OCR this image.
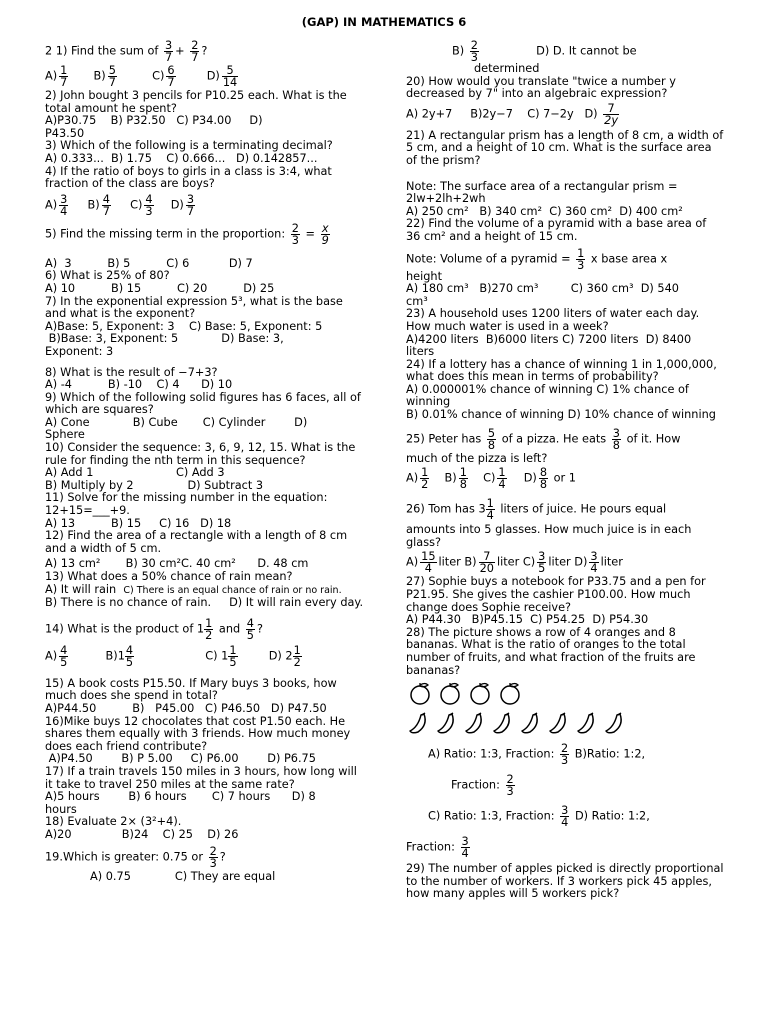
(GAP) IN MATHEMATICS 6
2 1) Find the sum of $\frac{3}{7} + \frac{2}{7}$ ?
$A) \frac{1}{7} B) \frac{5}{7}$	$C) \frac{6}{7}$	$D) \frac{5}{14}$
2) John bought 3 pencils for P10.25 each. What is the total amount he spent?
A)P30.75 B) P32.50 C) P34.00 D)
P43.50
3) Which of the following is a terminating decimal?
A) 0.333...  B) 1.75    C) 0.666...   D) 0.142857...
4) If the ratio of boys to girls in a class is 3:4, what fraction of the class are boys?
$A) \frac{3}{4} B) \frac{4}{7} C) \frac{4}{3} D) \frac{3}{7}$
5) Find the missing term in the proportion: $\frac{2}{3} = \frac{x}{9}$
A)  3          B) 5          C) 6           D) 7
6) What is 25% of 80?
A) 10          B) 15          C) 20          D) 25
7) In the exponential expression 5³, what is the base and what is the exponent?
A)Base: 5, Exponent: 3    C) Base: 5, Exponent: 5
B)Base: 3, Exponent: 5            D) Base: 3,
Exponent: 3
8) What is the result of −7+3?
A) -4          B) -10    C) 4      D) 10
9) Which of the following solid figures has 6 faces, all of which are squares?
A) Cone            B) Cube       C) Cylinder        D)
Sphere
10) Consider the sequence: 3, 6, 9, 12, 15. What is the rule for finding the nth term in this sequence?
A) Add 1                       C) Add 3
B) Multiply by 2               D) Subtract 3
11) Solve for the missing number in the equation: 12+15=___+9.
A) 13          B) 15     C) 16   D) 18
12) Find the area of a rectangle with a length of 8 cm and a width of 5 cm.
A) 13 cm²       B) 30 cm²C. 40 cm²      D. 48 cm
13) What does a 50% chance of rain mean?
A) It will rain C) There is an equal chance of rain or no rain.
B) There is no chance of rain.     D) It will rain every day.
14) What is the product of $1 \frac{1}{2}$ and $\frac{4}{5}$ ?
$A) \frac{4}{5}$	$B)1 \frac{4}{5}$	C) $1 \frac{1}{5}$	D) $2 \frac{1}{2}$
15) A book costs P15.50. If Mary buys 3 books, how much does she spend in total?
A)P44.50          B)   P45.00   C) P46.50   D) P47.50
16)Mike buys 12 chocolates that cost P1.50 each. He shares them equally with 3 friends. How much money does each friend contribute?
A)P4.50        B) P 5.00     C) P6.00        D) P6.75
17) If a train travels 150 miles in 3 hours, how long will it take to travel 250 miles at the same rate?
A)5 hours        B) 6 hours       C) 7 hours      D) 8
hours
18) Evaluate 2× (3²+4).
A)20              B)24    C) 25    D) 26
19.Which is greater: 0.75 or $\frac{2}{3}$ ?
A) 0.75	C) They are equal
$B) \frac{2}{3}$	D) D. It cannot be
determined
20) How would you translate "twice a number y decreased by 7" into an algebraic expression?
A) 2y+7     B)2y−7    C) 7−2y   $D) \frac{7}{2y}$
21) A rectangular prism has a length of 8 cm, a width of 5 cm, and a height of 10 cm. What is the surface area of the prism?
Note: The surface area of a rectangular prism = 2lw+2lh+2wh
A) 250 cm²   B) 340 cm²  C) 360 cm²  D) 400 cm²
22) Find the volume of a pyramid with a base area of 36 cm² and a height of 15 cm.
Note: Volume of a pyramid = $\frac{1}{3}$ x base area x
height
A) 180 cm³   B)270 cm³         C) 360 cm³  D) 540
cm³
23) A household uses 1200 liters of water each day. How much water is used in a week?
A)4200 liters  B)6000 liters C) 7200 liters  D) 8400
liters
24) If a lottery has a chance of winning 1 in 1,000,000, what does this mean in terms of probability?
A) 0.000001% chance of winning C) 1% chance of winning
B) 0.01% chance of winning D) 10% chance of winning
25) Peter has $\frac{5}{8}$ of a pizza. He eats $\frac{3}{8}$ of it. How
much of the pizza is left?
$A) \frac{1}{2} B) \frac{1}{8} C) \frac{1}{4} D) \frac{8}{8}$ or 1
26) Tom has $3 \frac{1}{4}$ liters of juice. He pours equal
amounts into 5 glasses. How much juice is in each glass?
$A) \frac{15}{4}$ liter $B) \frac{7}{20}$ liter $C) \frac{3}{5}$ liter $D) \frac{3}{4}$ liter
27) Sophie buys a notebook for P33.75 and a pen for P21.95. She gives the cashier P100.00. How much change does Sophie receive?
A) P44.30   B)P45.15  C) P54.25  D) P54.30
28) The picture shows a row of 4 oranges and 8 bananas. What is the ratio of oranges to the total number of fruits, and what fraction of the fruits are bananas?
A) Ratio: 1:3, Fraction: $\frac{2}{3}$ B)Ratio: 1:2,
Fraction: $\frac{2}{3}$
C) Ratio: 1:3, Fraction: $\frac{3}{4} D$) Ratio: 1:2,
Fraction: $\frac{3}{4}$
29) The number of apples picked is directly proportional to the number of workers. If 3 workers pick 45 apples, how many apples will 5 workers pick?
